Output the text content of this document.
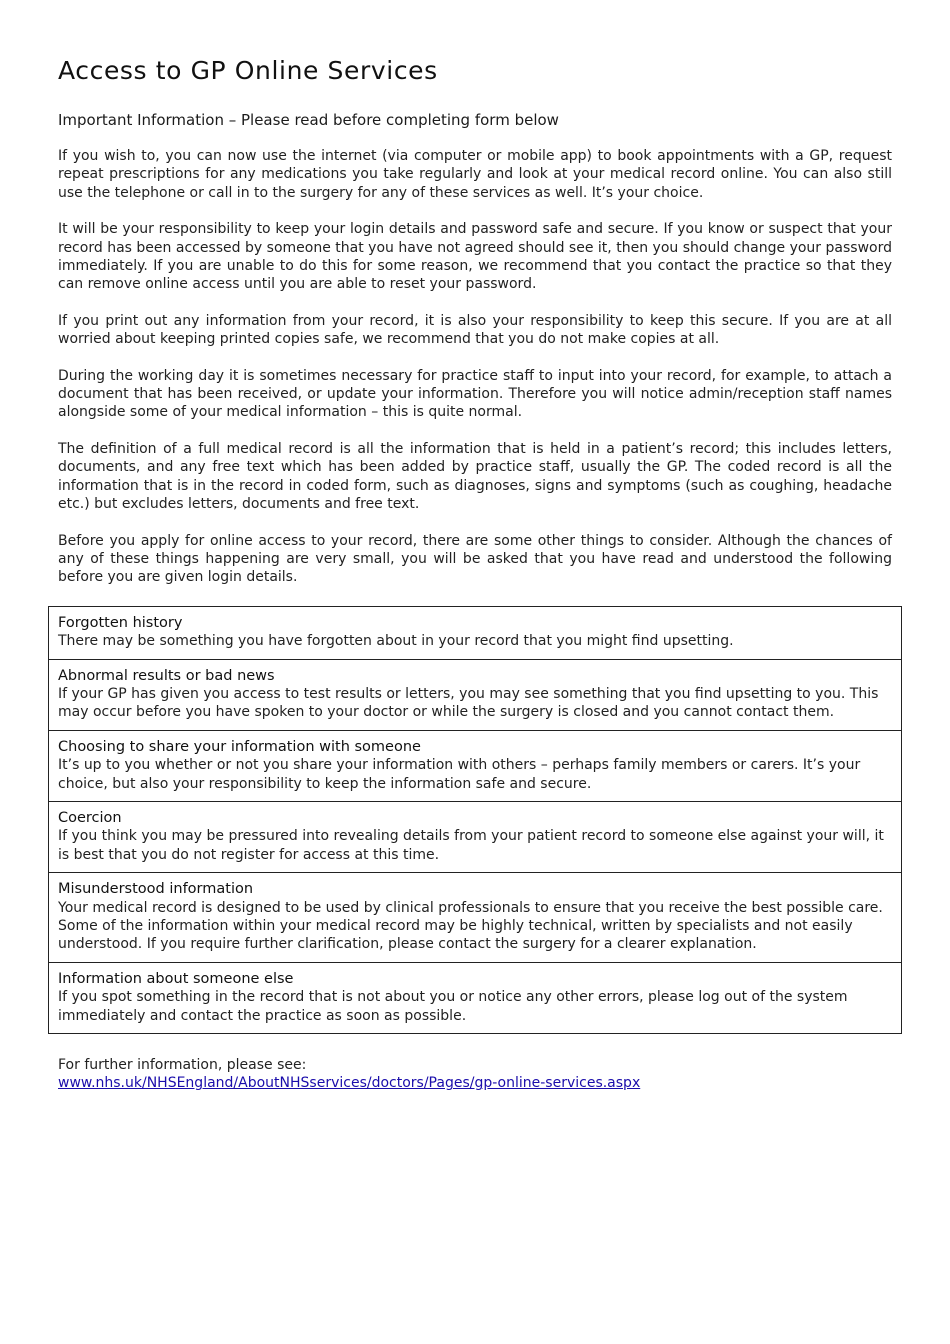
Access to GP Online Services

Important Information – Please read before completing form below

If you wish to, you can now use the internet (via computer or mobile app) to book appointments with a GP, request repeat prescriptions for any medications you take regularly and look at your medical record online. You can also still use the telephone or call in to the surgery for any of these services as well. It’s your choice.

It will be your responsibility to keep your login details and password safe and secure. If you know or suspect that your record has been accessed by someone that you have not agreed should see it, then you should change your password immediately. If you are unable to do this for some reason, we recommend that you contact the practice so that they can remove online access until you are able to reset your password.

If you print out any information from your record, it is also your responsibility to keep this secure. If you are at all worried about keeping printed copies safe, we recommend that you do not make copies at all.

During the working day it is sometimes necessary for practice staff to input into your record, for example, to attach a document that has been received, or update your information. Therefore you will notice admin/reception staff names alongside some of your medical information – this is quite normal.

The definition of a full medical record is all the information that is held in a patient’s record; this includes letters, documents, and any free text which has been added by practice staff, usually the GP. The coded record is all the information that is in the record in coded form, such as diagnoses, signs and symptoms (such as coughing, headache etc.) but excludes letters, documents and free text.

Before you apply for online access to your record, there are some other things to consider. Although the chances of any of these things happening are very small, you will be asked that you have read and understood the following before you are given login details.

Forgotten history
There may be something you have forgotten about in your record that you might find upsetting.

Abnormal results or bad news
If your GP has given you access to test results or letters, you may see something that you find upsetting to you. This may occur before you have spoken to your doctor or while the surgery is closed and you cannot contact them.

Choosing to share your information with someone
It’s up to you whether or not you share your information with others – perhaps family members or carers. It’s your choice, but also your responsibility to keep the information safe and secure.

Coercion
If you think you may be pressured into revealing details from your patient record to someone else against your will, it is best that you do not register for access at this time.

Misunderstood information
Your medical record is designed to be used by clinical professionals to ensure that you receive the best possible care. Some of the information within your medical record may be highly technical, written by specialists and not easily understood. If you require further clarification, please contact the surgery for a clearer explanation.

Information about someone else
If you spot something in the record that is not about you or notice any other errors, please log out of the system immediately and contact the practice as soon as possible.
For further information, please see:
www.nhs.uk/NHSEngland/AboutNHSservices/doctors/Pages/gp-online-services.aspx
